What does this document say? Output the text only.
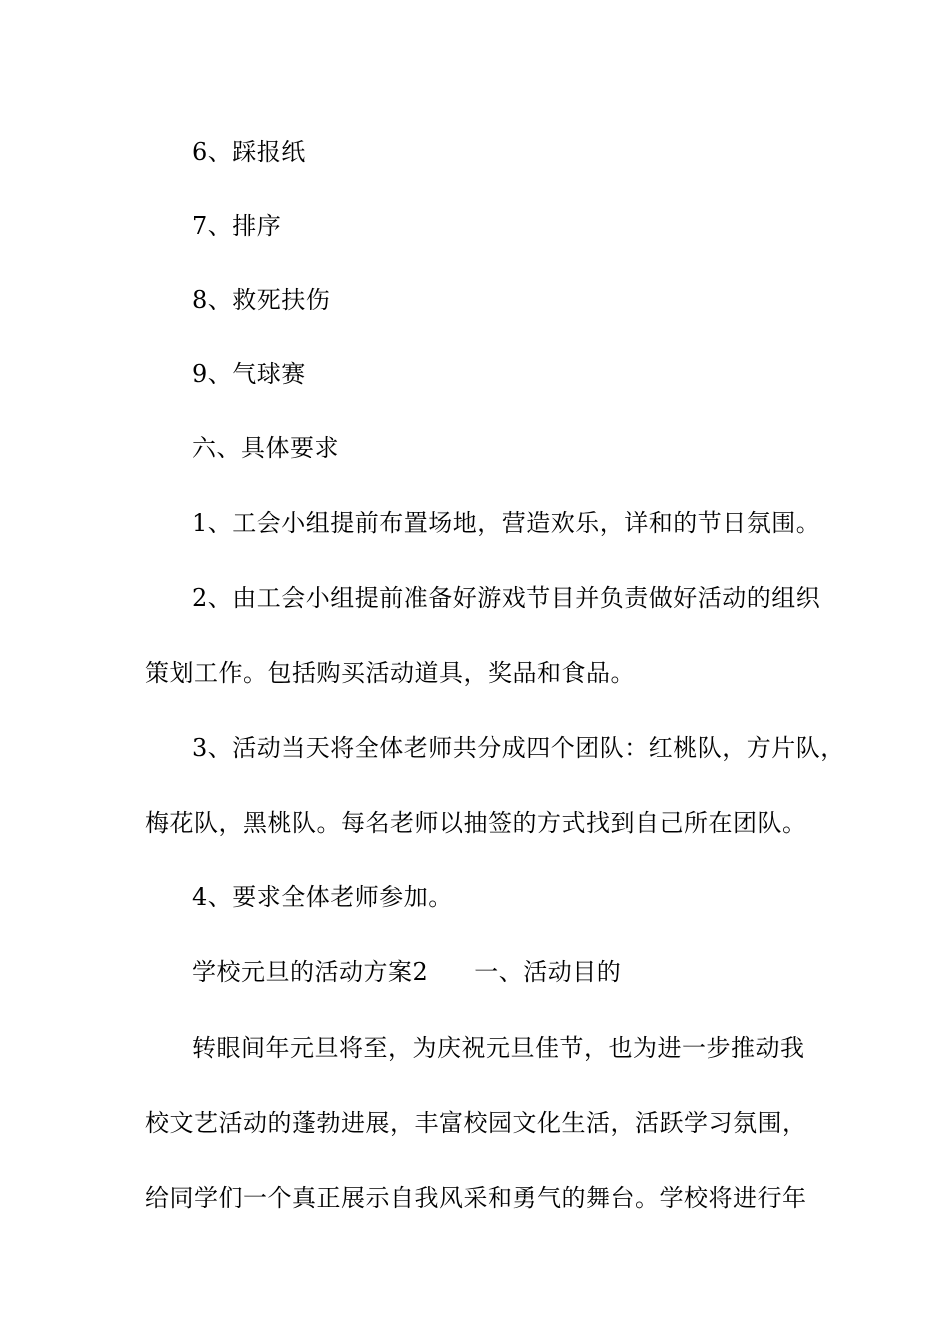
6、踩报纸
7、排序
8、救死扶伤
9、气球赛
六、具体要求
1、工会小组提前布置场地，营造欢乐，详和的节日氛围。
2、由工会小组提前准备好游戏节目并负责做好活动的组织
策划工作。包括购买活动道具，奖品和食品。
3、活动当天将全体老师共分成四个团队：红桃队，方片队，
梅花队，黑桃队。每名老师以抽签的方式找到自己所在团队。
4、要求全体老师参加。
学校元旦的活动方案2 一、活动目的
转眼间年元旦将至，为庆祝元旦佳节，也为进一步推动我
校文艺活动的蓬勃进展，丰富校园文化生活，活跃学习氛围，
给同学们一个真正展示自我风采和勇气的舞台。学校将进行年
